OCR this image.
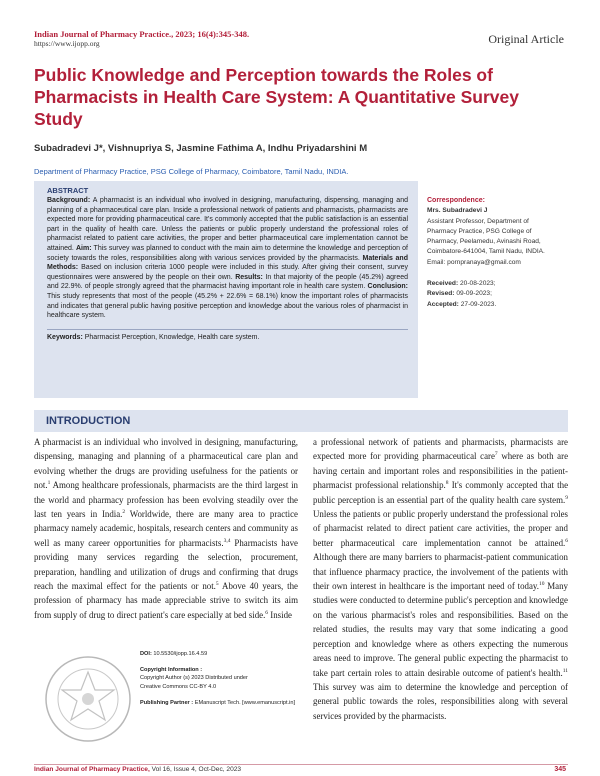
Indian Journal of Pharmacy Practice., 2023; 16(4):345-348.
https://www.ijopp.org	Original Article
Public Knowledge and Perception towards the Roles of Pharmacists in Health Care System: A Quantitative Survey Study
Subadradevi J*, Vishnupriya S, Jasmine Fathima A, Indhu Priyadarshini M
Department of Pharmacy Practice, PSG College of Pharmacy, Coimbatore, Tamil Nadu, INDIA.
ABSTRACT

Background: A pharmacist is an individual who involved in designing, manufacturing, dispensing, managing and planning of a pharmaceutical care plan. Inside a professional network of patients and pharmacists, pharmacists are expected more for providing pharmaceutical care. It's commonly accepted that the public satisfaction is an essential part in the quality of health care. Unless the patients or public properly understand the professional roles of pharmacist related to patient care activities, the proper and better pharmaceutical care implementation cannot be attained. Aim: This survey was planned to conduct with the main aim to determine the knowledge and perception of society towards the roles, responsibilities along with various services provided by the pharmacists. Materials and Methods: Based on inclusion criteria 1000 people were included in this study. After giving their consent, survey questionnaires were answered by the people on their own. Results: In that majority of the people (45.2%) agreed and 22.9%. of people strongly agreed that the pharmacist having important role in health care system. Conclusion: This study represents that most of the people (45.2% + 22.6% = 68.1%) know the important roles of pharmacists and indicates that general public having positive perception and knowledge about the various roles of pharmacist in healthcare system.

Keywords: Pharmacist Perception, Knowledge, Health care system.
Correspondence:
Mrs. Subadradevi J
Assistant Professor, Department of
Pharmacy Practice, PSG College of
Pharmacy, Peelamedu, Avinashi Road,
Coimbatore-641004, Tamil Nadu, INDIA.
Email: pornpranaya@gmail.com
Received: 20-08-2023;
Revised: 09-09-2023;
Accepted: 27-09-2023.
INTRODUCTION
A pharmacist is an individual who involved in designing, manufacturing, dispensing, managing and planning of a pharmaceutical care plan and evolving whether the drugs are providing usefulness for the patients or not.$^1$ Among healthcare professionals, pharmacists are the third largest in the world and pharmacy profession has been evolving steadily over the last ten years in India.$^2$ Worldwide, there are many area to practice pharmacy namely academic, hospitals, research centers and community as well as many career opportunities for pharmacists.$^{3,4}$ Pharmacists have providing many services regarding the selection, procurement, preparation, handling and utilization of drugs and confirming that drugs reach the maximal effect for the patients or not.$^5$ Above 40 years, the profession of pharmacy has made appreciable strive to switch its aim from supply of drug to direct patient's care especially at bed side.$^6$ Inside
a professional network of patients and pharmacists, pharmacists are expected more for providing pharmaceutical care$^7$ where as both are having certain and important roles and responsibilities in the patient-pharmacist professional relationship.$^8$ It's commonly accepted that the public perception is an essential part of the quality health care system.$^9$ Unless the patients or public properly understand the professional roles of pharmacist related to direct patient care activities, the proper and better pharmaceutical care implementation cannot be attained.$^6$ Although there are many barriers to pharmacist-patient communication that influence pharmacy practice, the involvement of the patients with their own interest in healthcare is the important need of today.$^{10}$ Many studies were conducted to determine public's perception and knowledge on the various pharmacist's roles and responsibilities. Based on the related studies, the results may vary that some indicating a good perception and knowledge where as others expecting the numerous areas need to improve. The general public expecting the pharmacist to take part certain roles to attain desirable outcome of patient's health.$^{11}$ This survey was aim to determine the knowledge and perception of general public towards the roles, responsibilities along with several services provided by the pharmacists.
DOI: 10.5530/ijopp.16.4.59
Copyright Information :
Copyright Author (s) 2023 Distributed under
Creative Commons CC-BY 4.0
Publishing Partner : EManuscript Tech. [www.emanuscript.in]
Indian Journal of Pharmacy Practice, Vol 16, Issue 4, Oct-Dec, 2023	345
